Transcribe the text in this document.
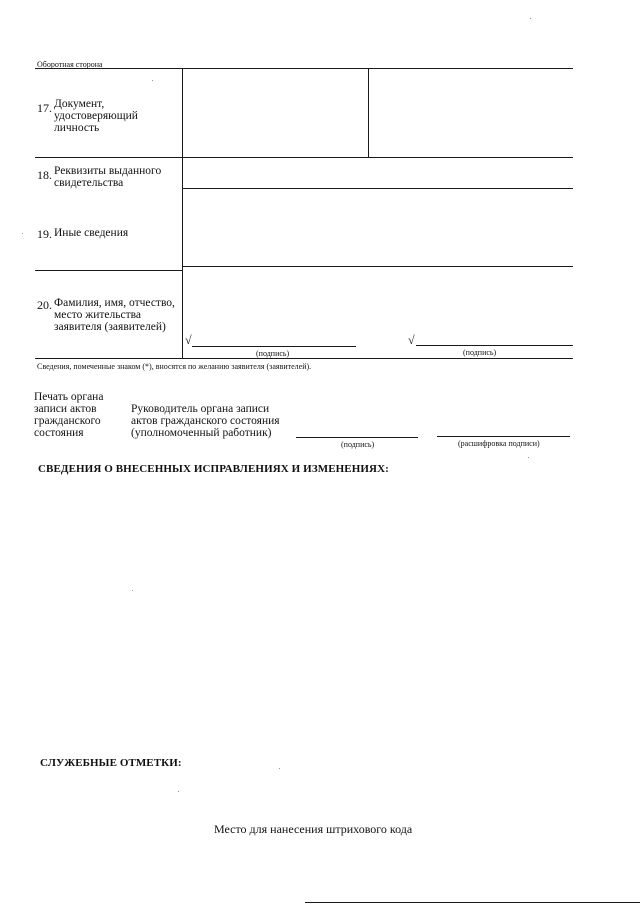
Оборотная сторона
17. Документ,
удостоверяющий
личность
18. Реквизиты выданного
свидетельства
19. Иные сведения
20. Фамилия, имя, отчество,
место жительства
заявителя (заявителей)
√
(подпись)
√
(подпись)
Сведения, помеченные знаком (*), вносятся по желанию заявителя (заявителей).
Печать органа
записи актов
гражданского
состояния
Руководитель органа записи
актов гражданского состояния
(уполномоченный работник)
(подпись)	(расшифровка подписи)
СВЕДЕНИЯ О ВНЕСЕННЫХ ИСПРАВЛЕНИЯХ И ИЗМЕНЕНИЯХ:
СЛУЖЕБНЫЕ ОТМЕТКИ:
Место для нанесения штрихового кода
